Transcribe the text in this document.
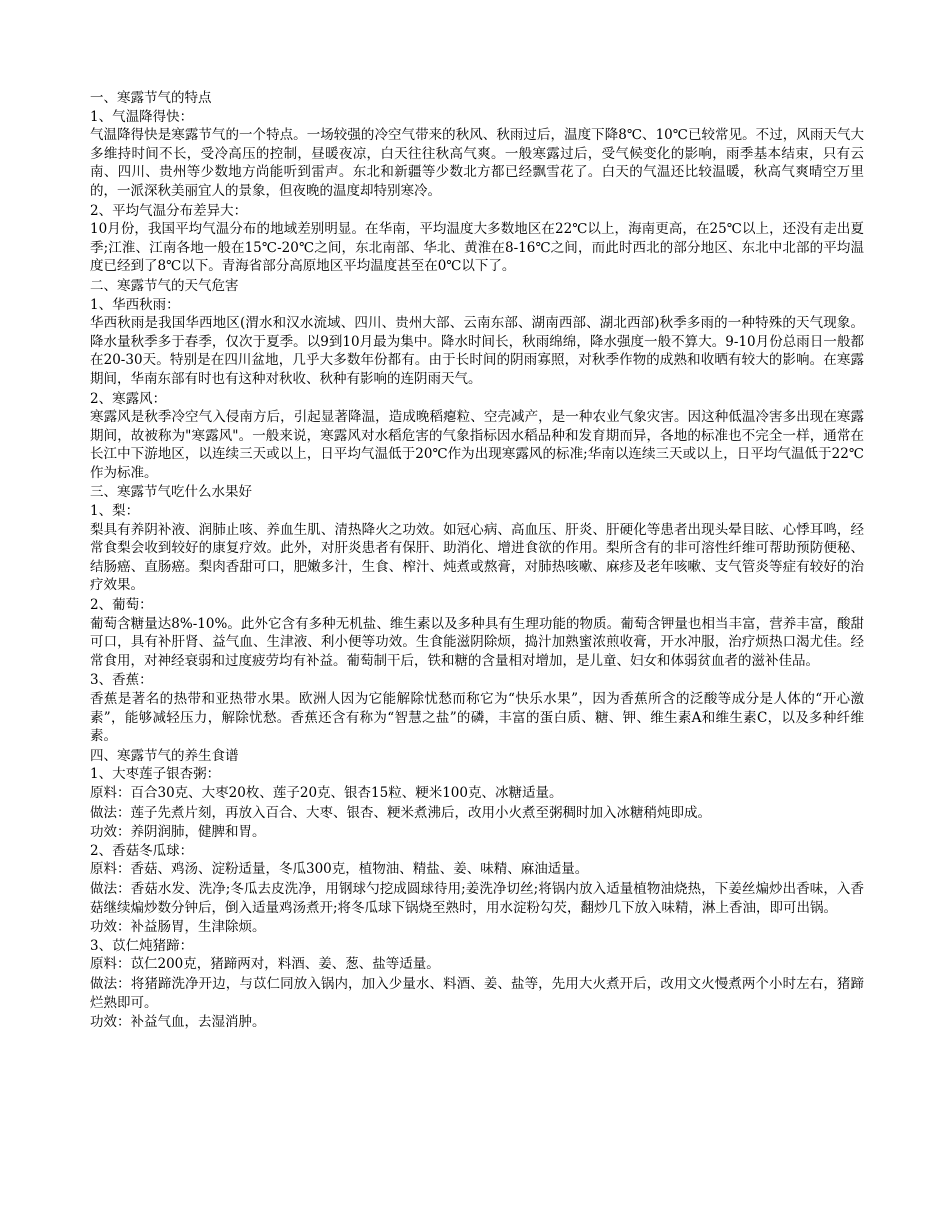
一、寒露节气的特点
1、气温降得快：

气温降得快是寒露节气的一个特点。一场较强的冷空气带来的秋风、秋雨过后，温度下降8℃、10℃已较常见。不过，风雨天气大多维持时间不长，受冷高压的控制，昼暖夜凉，白天往往秋高气爽。一般寒露过后，受气候变化的影响，雨季基本结束，只有云南、四川、贵州等少数地方尚能听到雷声。东北和新疆等少数北方都已经飘雪花了。白天的气温还比较温暖，秋高气爽晴空万里的，一派深秋美丽宜人的景象，但夜晚的温度却特别寒冷。

2、平均气温分布差异大：

10月份，我国平均气温分布的地域差别明显。在华南，平均温度大多数地区在22℃以上，海南更高，在25℃以上，还没有走出夏季;江淮、江南各地一般在15℃-20℃之间，东北南部、华北、黄淮在8-16℃之间，而此时西北的部分地区、东北中北部的平均温度已经到了8℃以下。青海省部分高原地区平均温度甚至在0℃以下了。

二、寒露节气的天气危害
1、华西秋雨：

华西秋雨是我国华西地区(渭水和汉水流域、四川、贵州大部、云南东部、湖南西部、湖北西部)秋季多雨的一种特殊的天气现象。降水量秋季多于春季，仅次于夏季。以9到10月最为集中。降水时间长，秋雨绵绵，降水强度一般不算大。9-10月份总雨日一般都在20-30天。特别是在四川盆地，几乎大多数年份都有。由于长时间的阴雨寡照，对秋季作物的成熟和收晒有较大的影响。在寒露期间，华南东部有时也有这种对秋收、秋种有影响的连阴雨天气。

2、寒露风：

寒露风是秋季冷空气入侵南方后，引起显著降温，造成晚稻瘪粒、空壳减产，是一种农业气象灾害。因这种低温冷害多出现在寒露期间，故被称为"寒露风"。一般来说，寒露风对水稻危害的气象指标因水稻品种和发育期而异，各地的标准也不完全一样，通常在长江中下游地区，以连续三天或以上，日平均气温低于20℃作为出现寒露风的标准;华南以连续三天或以上，日平均气温低于22℃作为标准。

三、寒露节气吃什么水果好
1、梨：

梨具有养阴补液、润肺止咳、养血生肌、清热降火之功效。如冠心病、高血压、肝炎、肝硬化等患者出现头晕目眩、心悸耳鸣，经常食梨会收到较好的康复疗效。此外，对肝炎患者有保肝、助消化、增进食欲的作用。梨所含有的非可溶性纤维可帮助预防便秘、结肠癌、直肠癌。梨肉香甜可口，肥嫩多汁，生食、榨汁、炖煮或熬膏，对肺热咳嗽、麻疹及老年咳嗽、支气管炎等症有较好的治疗效果。

2、葡萄：

葡萄含糖量达8%-10%。此外它含有多种无机盐、维生素以及多种具有生理功能的物质。葡萄含钾量也相当丰富，营养丰富，酸甜可口，具有补肝肾、益气血、生津液、利小便等功效。生食能滋阴除烦，捣汁加熟蜜浓煎收膏，开水冲服，治疗烦热口渴尤佳。经常食用，对神经衰弱和过度疲劳均有补益。葡萄制干后，铁和糖的含量相对增加，是儿童、妇女和体弱贫血者的滋补佳品。

3、香蕉：

香蕉是著名的热带和亚热带水果。欧洲人因为它能解除忧愁而称它为“快乐水果”，因为香蕉所含的泛酸等成分是人体的“开心激素”，能够减轻压力，解除忧愁。香蕉还含有称为“智慧之盐”的磷，丰富的蛋白质、糖、钾、维生素A和维生素C，以及多种纤维素。

四、寒露节气的养生食谱
1、大枣莲子银杏粥：

原料：百合30克、大枣20枚、莲子20克、银杏15粒、粳米100克、冰糖适量。

做法：莲子先煮片刻，再放入百合、大枣、银杏、粳米煮沸后，改用小火煮至粥稠时加入冰糖稍炖即成。

功效：养阴润肺，健脾和胃。
2、香菇冬瓜球：

原料：香菇、鸡汤、淀粉适量，冬瓜300克，植物油、精盐、姜、味精、麻油适量。

做法：香菇水发、洗净;冬瓜去皮洗净，用钢球勺挖成圆球待用;姜洗净切丝;将锅内放入适量植物油烧热，下姜丝煸炒出香味，入香菇继续煸炒数分钟后，倒入适量鸡汤煮开;将冬瓜球下锅烧至熟时，用水淀粉勾芡，翻炒几下放入味精，淋上香油，即可出锅。

功效：补益肠胃，生津除烦。
3、苡仁炖猪蹄：

原料：苡仁200克，猪蹄两对，料酒、姜、葱、盐等适量。

做法：将猪蹄洗净开边，与苡仁同放入锅内，加入少量水、料酒、姜、盐等，先用大火煮开后，改用文火慢煮两个小时左右，猪蹄烂熟即可。

功效：补益气血，去湿消肿。
